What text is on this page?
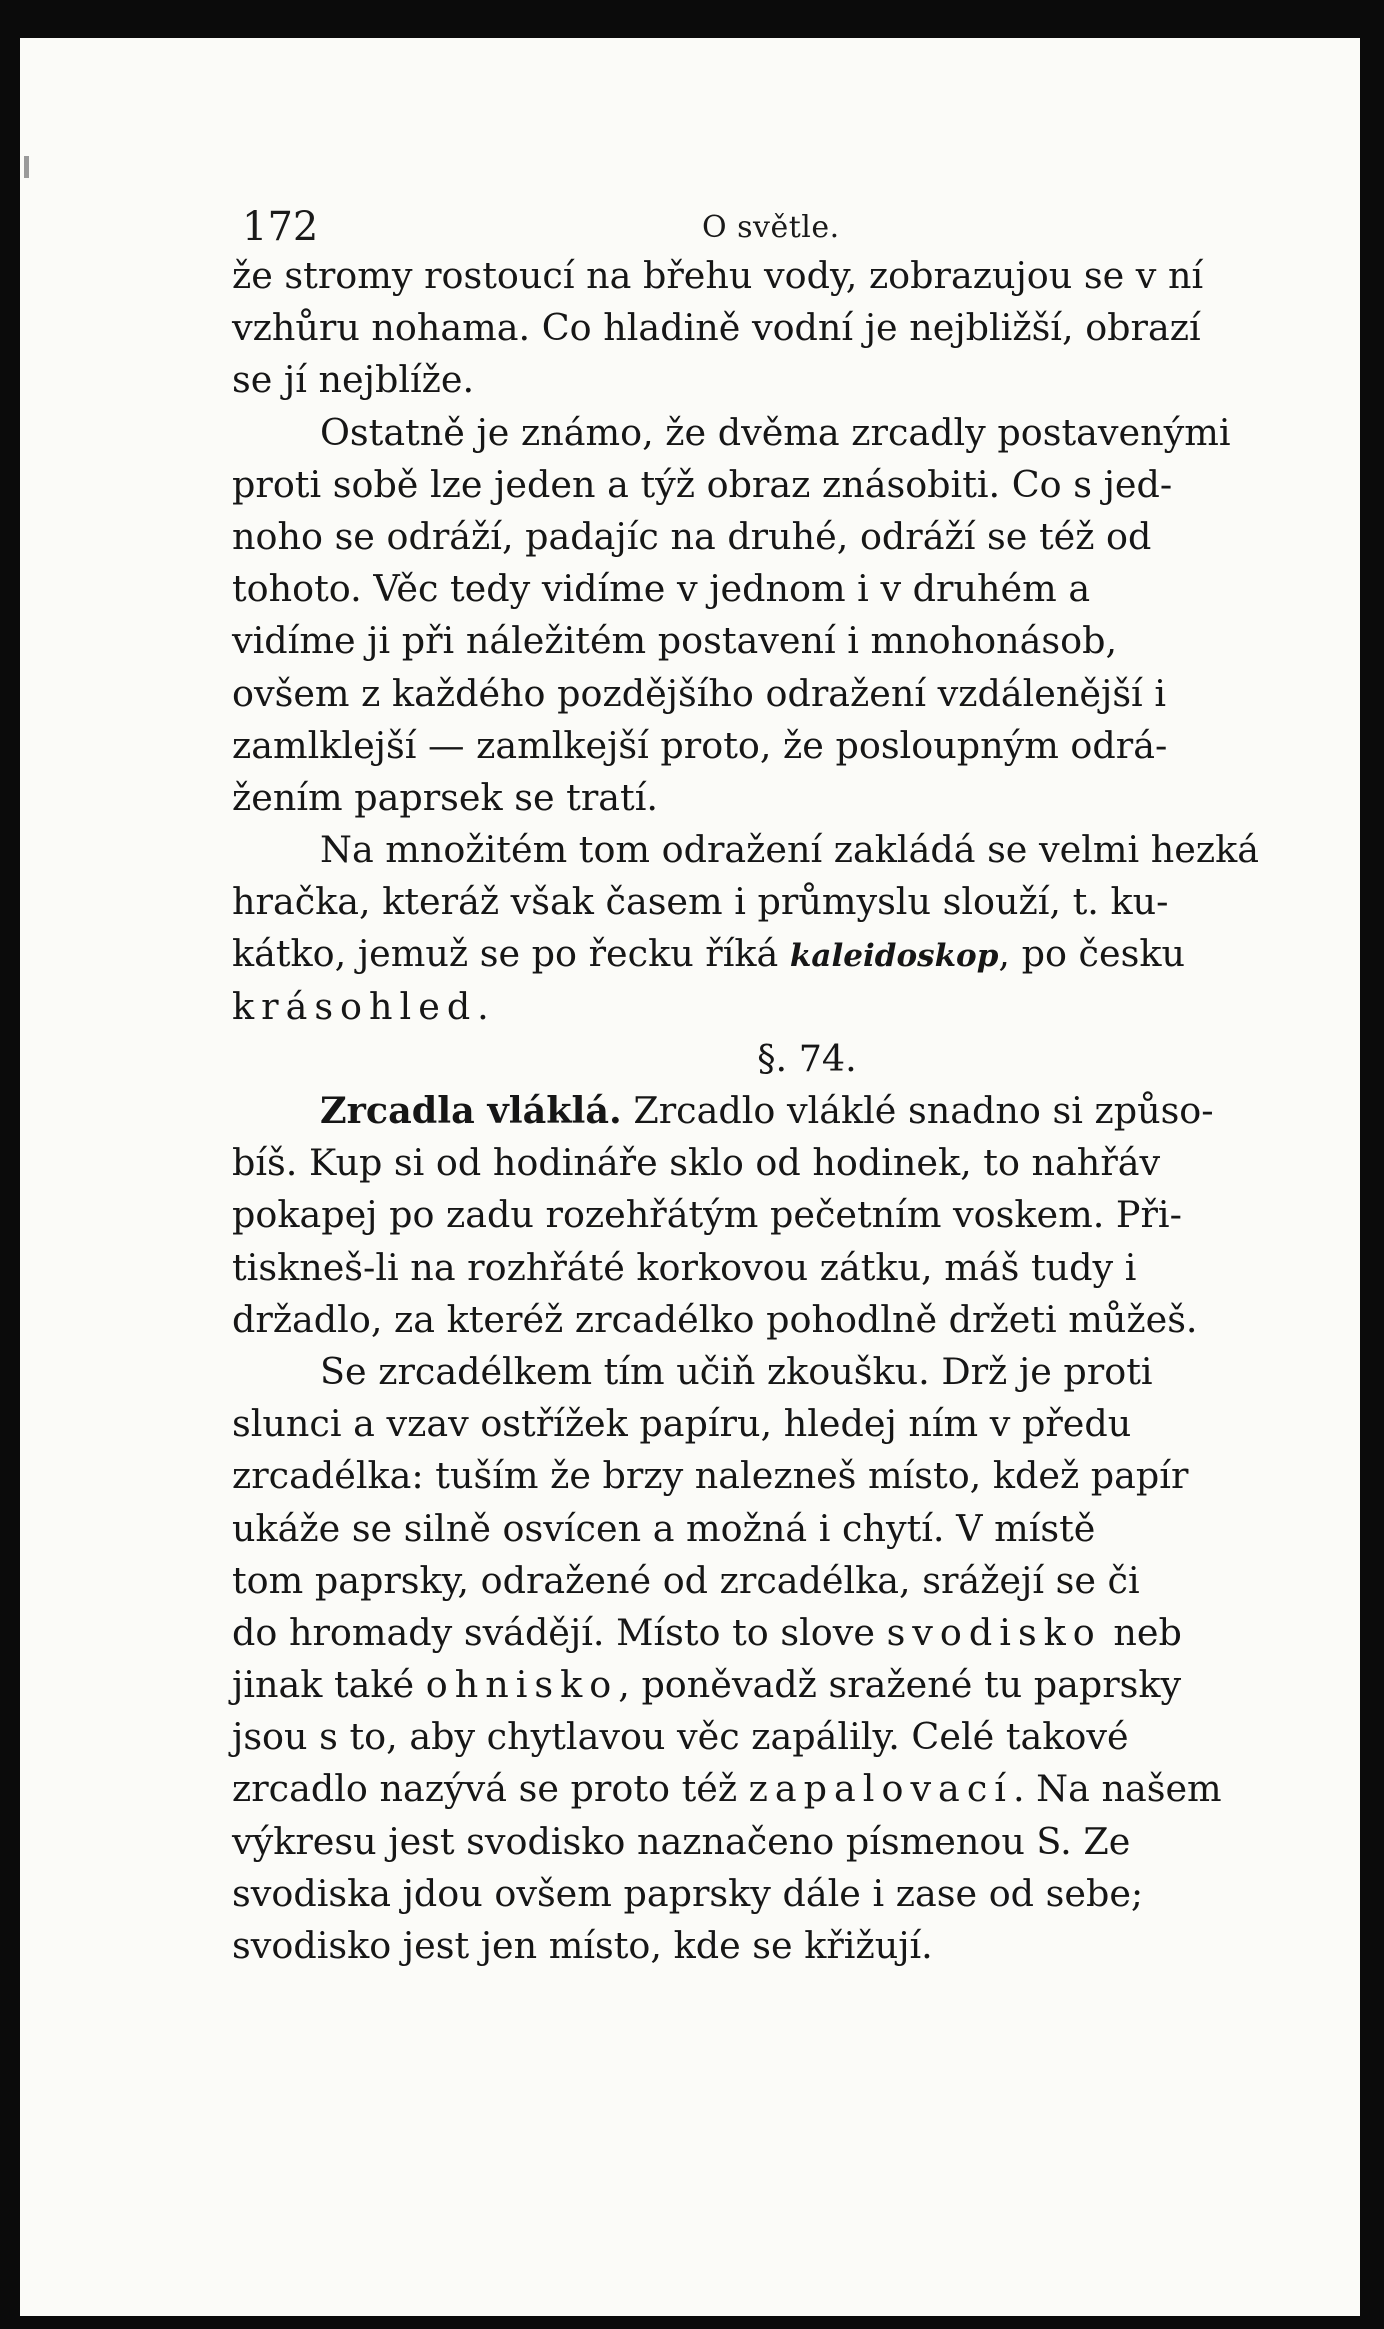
172	O světle.
že stromy rostoucí na břehu vody, zobrazujou se v ní
vzhůru nohama. Co hladině vodní je nejbližší, obrazí
se jí nejblíže.
Ostatně je známo, že dvěma zrcadly postavenými
proti sobě lze jeden a týž obraz znásobiti. Co s jed-
noho se odráží, padajíc na druhé, odráží se též od
tohoto. Věc tedy vidíme v jednom i v druhém a
vidíme ji při náležitém postavení i mnohonásob,
ovšem z každého pozdějšího odražení vzdálenější i
zamlklejší — zamlkejší proto, že posloupným odrá-
žením paprsek se tratí.
Na množitém tom odražení zakládá se velmi hezká
hračka, kteráž však časem i průmyslu slouží, t. ku-
kátko, jemuž se po řecku říká kaleidoskop, po česku
krásohled.
§. 74.
Zrcadla vláklá. Zrcadlo vláklé snadno si způso-
bíš. Kup si od hodináře sklo od hodinek, to nahřáv
pokapej po zadu rozehřátým pečetním voskem. Při-
tiskneš-li na rozhřáté korkovou zátku, máš tudy i
držadlo, za kteréž zrcadélko pohodlně držeti můžeš.
Se zrcadélkem tím učiň zkoušku. Drž je proti
slunci a vzav ostřížek papíru, hledej ním v předu
zrcadélka: tuším že brzy nalezneš místo, kdež papír
ukáže se silně osvícen a možná i chytí. V místě
tom paprsky, odražené od zrcadélka, srážejí se či
do hromady svádějí. Místo to slove svodisko neb
jinak také ohnisko, poněvadž sražené tu paprsky
jsou s to, aby chytlavou věc zapálily. Celé takové
zrcadlo nazývá se proto též zapalovací. Na našem
výkresu jest svodisko naznačeno písmenou S. Ze
svodiska jdou ovšem paprsky dále i zase od sebe;
svodisko jest jen místo, kde se křižují.
